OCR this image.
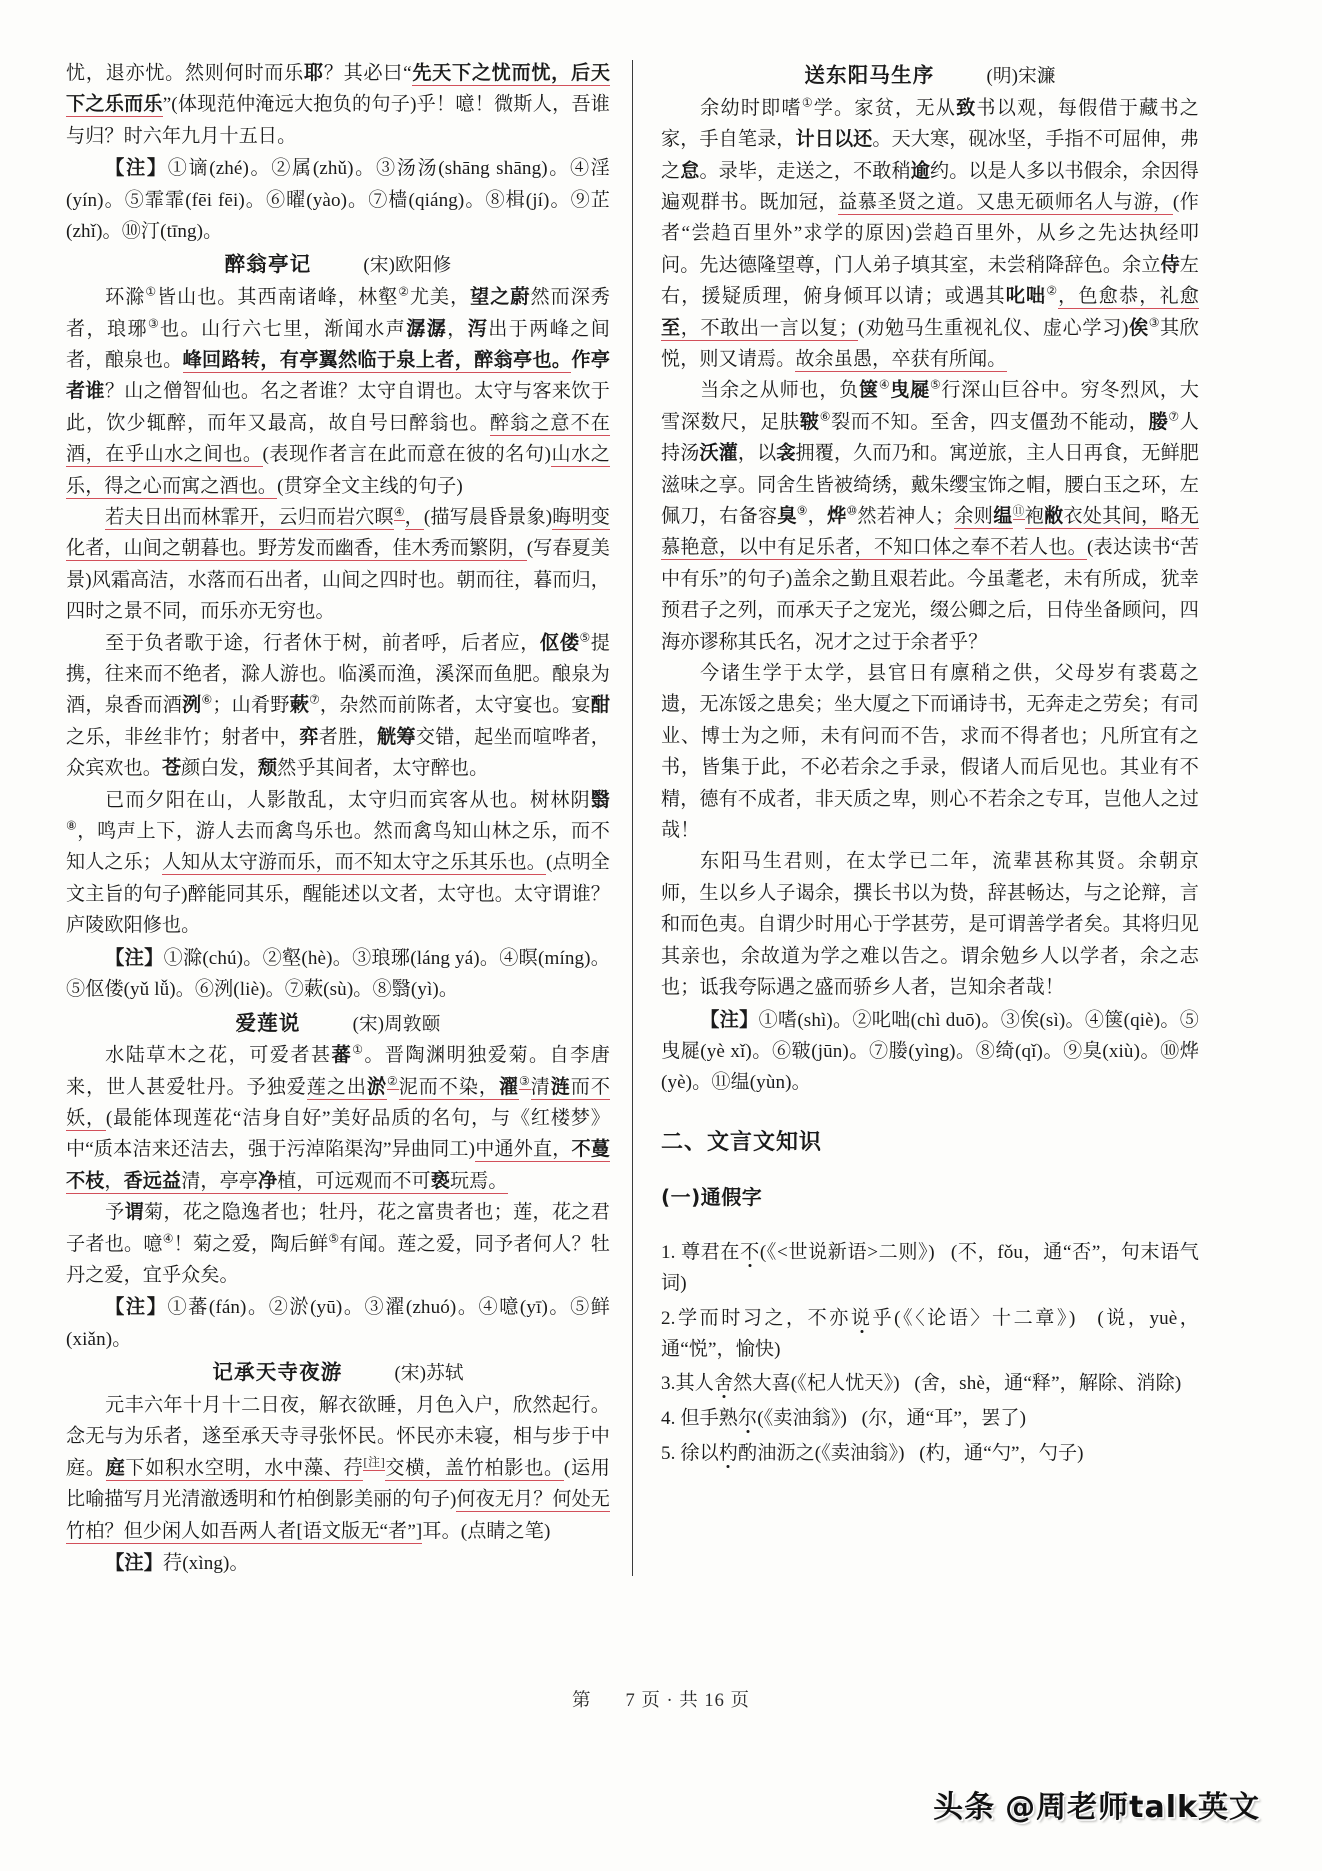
忧，退亦忧。然则何时而乐耶？其必曰“先天下之忧而忧，后天下之乐而乐”(体现范仲淹远大抱负的句子)乎！噫！微斯人，吾谁与归？时六年九月十五日。

【注】①谪(zhé)。②属(zhǔ)。③汤汤(shāng shāng)。④淫(yín)。⑤霏霏(fēi fēi)。⑥曜(yào)。⑦樯(qiáng)。⑧楫(jí)。⑨芷(zhǐ)。⑩汀(tīng)。

醉翁亭记	(宋)欧阳修

环滁①皆山也。其西南诸峰，林壑②尤美，望之蔚然而深秀者，琅琊③也。山行六七里，渐闻水声潺潺，泻出于两峰之间者，酿泉也。峰回路转，有亭翼然临于泉上者，醉翁亭也。作亭者谁？山之僧智仙也。名之者谁？太守自谓也。太守与客来饮于此，饮少辄醉，而年又最高，故自号曰醉翁也。醉翁之意不在酒，在乎山水之间也。(表现作者言在此而意在彼的名句)山水之乐，得之心而寓之酒也。(贯穿全文主线的句子)

若夫日出而林霏开，云归而岩穴暝④，(描写晨昏景象)晦明变化者，山间之朝暮也。野芳发而幽香，佳木秀而繁阴，(写春夏美景)风霜高洁，水落而石出者，山间之四时也。朝而往，暮而归，四时之景不同，而乐亦无穷也。

至于负者歌于途，行者休于树，前者呼，后者应，伛偻⑤提携，往来而不绝者，滁人游也。临溪而渔，溪深而鱼肥。酿泉为酒，泉香而酒洌⑥；山肴野蔌⑦，杂然而前陈者，太守宴也。宴酣之乐，非丝非竹；射者中，弈者胜，觥筹交错，起坐而喧哗者，众宾欢也。苍颜白发，颓然乎其间者，太守醉也。

已而夕阳在山，人影散乱，太守归而宾客从也。树林阴翳⑧，鸣声上下，游人去而禽鸟乐也。然而禽鸟知山林之乐，而不知人之乐；人知从太守游而乐，而不知太守之乐其乐也。(点明全文主旨的句子)醉能同其乐，醒能述以文者，太守也。太守谓谁？庐陵欧阳修也。

【注】①滁(chú)。②壑(hè)。③琅琊(láng yá)。④暝(míng)。⑤伛偻(yǔ lǚ)。⑥洌(liè)。⑦蔌(sù)。⑧翳(yì)。

爱莲说	(宋)周敦颐

水陆草木之花，可爱者甚蕃①。晋陶渊明独爱菊。自李唐来，世人甚爱牡丹。予独爱莲之出淤②泥而不染，濯③清涟而不妖，(最能体现莲花“洁身自好”美好品质的名句，与《红楼梦》中“质本洁来还洁去，强于污淖陷渠沟”异曲同工)中通外直，不蔓不枝，香远益清，亭亭净植，可远观而不可亵玩焉。

予谓菊，花之隐逸者也；牡丹，花之富贵者也；莲，花之君子者也。噫④！菊之爱，陶后鲜⑤有闻。莲之爱，同予者何人？牡丹之爱，宜乎众矣。

【注】①蕃(fán)。②淤(yū)。③濯(zhuó)。④噫(yī)。⑤鲜(xiǎn)。

记承天寺夜游	(宋)苏轼

元丰六年十月十二日夜，解衣欲睡，月色入户，欣然起行。念无与为乐者，遂至承天寺寻张怀民。怀民亦未寝，相与步于中庭。庭下如积水空明，水中藻、荇[注]交横，盖竹柏影也。(运用比喻描写月光清澈透明和竹柏倒影美丽的句子)何夜无月？何处无竹柏？但少闲人如吾两人者[语文版无“者”]耳。(点睛之笔)

【注】荇(xìng)。

送东阳马生序	(明)宋濂

余幼时即嗜①学。家贫，无从致书以观，每假借于藏书之家，手自笔录，计日以还。天大寒，砚冰坚，手指不可屈伸，弗之怠。录毕，走送之，不敢稍逾约。以是人多以书假余，余因得遍观群书。既加冠，益慕圣贤之道。又患无硕师名人与游，(作者“尝趋百里外”求学的原因)尝趋百里外，从乡之先达执经叩问。先达德隆望尊，门人弟子填其室，未尝稍降辞色。余立侍左右，援疑质理，俯身倾耳以请；或遇其叱咄②，色愈恭，礼愈至，不敢出一言以复；(劝勉马生重视礼仪、虚心学习)俟③其欣悦，则又请焉。故余虽愚，卒获有所闻。

当余之从师也，负箧④曳屣⑤行深山巨谷中。穷冬烈风，大雪深数尺，足肤皲⑥裂而不知。至舍，四支僵劲不能动，媵⑦人持汤沃灌，以衾拥覆，久而乃和。寓逆旅，主人日再食，无鲜肥滋味之享。同舍生皆被绮绣，戴朱缨宝饰之帽，腰白玉之环，左佩刀，右备容臭⑨，烨⑩然若神人；余则缊⑪袍敝衣处其间，略无慕艳意，以中有足乐者，不知口体之奉不若人也。(表达读书“苦中有乐”的句子)盖余之勤且艰若此。今虽耄老，未有所成，犹幸预君子之列，而承天子之宠光，缀公卿之后，日侍坐备顾问，四海亦谬称其氏名，况才之过于余者乎？

今诸生学于太学，县官日有廪稍之供，父母岁有裘葛之遗，无冻馁之患矣；坐大厦之下而诵诗书，无奔走之劳矣；有司业、博士为之师，未有问而不告，求而不得者也；凡所宜有之书，皆集于此，不必若余之手录，假诸人而后见也。其业有不精，德有不成者，非天质之卑，则心不若余之专耳，岂他人之过哉！

东阳马生君则，在太学已二年，流辈甚称其贤。余朝京师，生以乡人子谒余，撰长书以为贽，辞甚畅达，与之论辩，言和而色夷。自谓少时用心于学甚劳，是可谓善学者矣。其将归见其亲也，余故道为学之难以告之。谓余勉乡人以学者，余之志也；诋我夸际遇之盛而骄乡人者，岂知余者哉！

【注】①嗜(shì)。②叱咄(chì duō)。③俟(sì)。④箧(qiè)。⑤曳屣(yè xǐ)。⑥皲(jūn)。⑦媵(yìng)。⑧绮(qǐ)。⑨臭(xiù)。⑩烨(yè)。⑪缊(yùn)。

二、文言文知识
(一)通假字

1. 尊君在不(《<世说新语>二则》) (不，fǒu，通“否”，句末语气词)

2.学而时习之，不亦说乎(《〈论语〉十二章》) (说，yuè，通“悦”，愉快)

3.其人舍然大喜(《杞人忧天》) (舍，shè，通“释”，解除、消除)

4. 但手熟尔(《卖油翁》) (尔，通“耳”，罢了)

5. 徐以杓酌油沥之(《卖油翁》) (杓，通“勺”，勺子)

第 7 页 · 共 16 页
头条 @周老师talk英文
